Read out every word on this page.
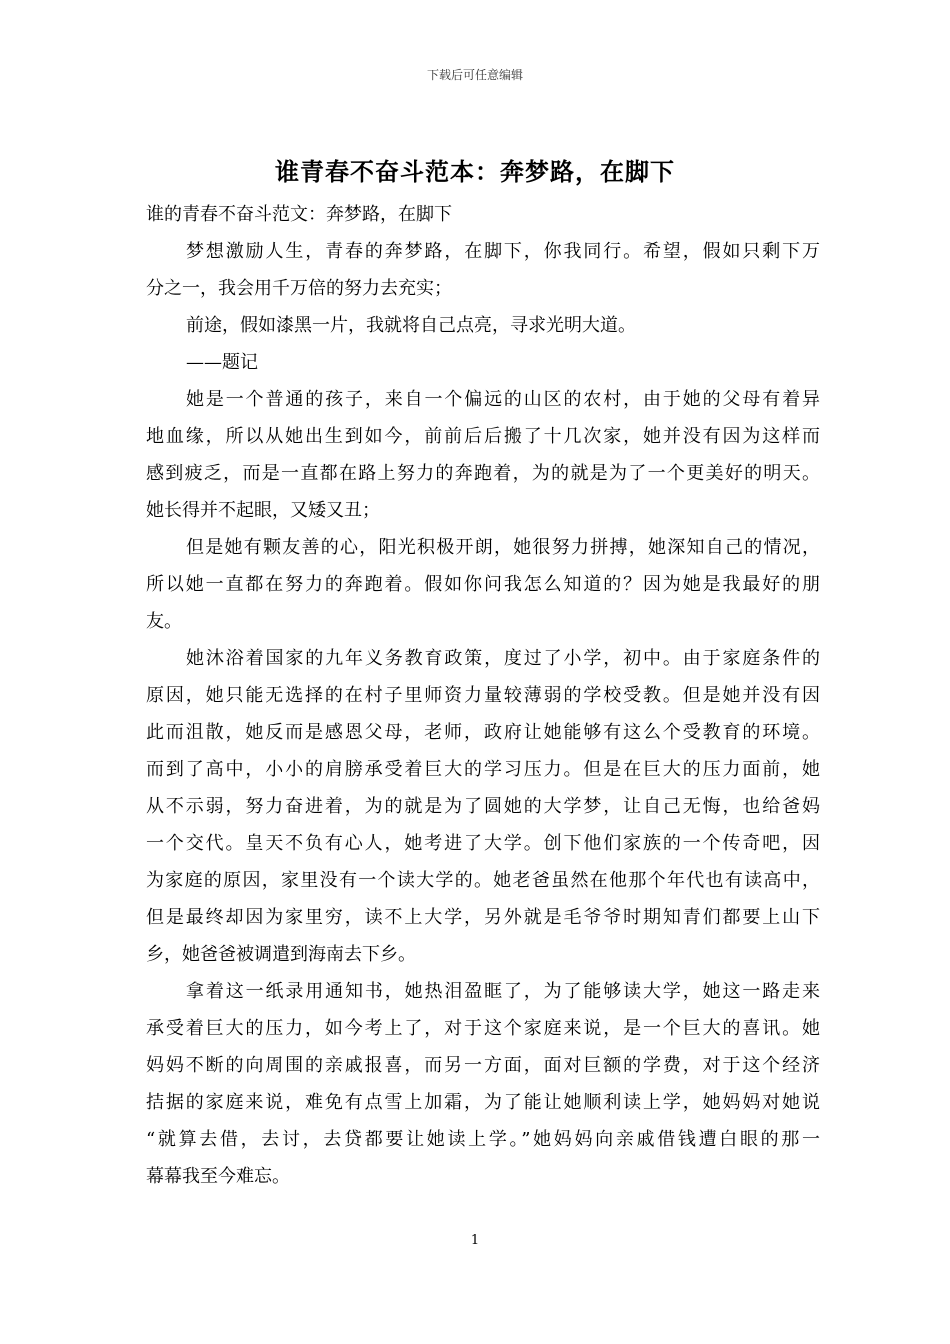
下载后可任意编辑
谁青春不奋斗范本：奔梦路，在脚下
谁的青春不奋斗范文：奔梦路，在脚下
梦想激励人生，青春的奔梦路，在脚下，你我同行。希望，假如只剩下万
分之一，我会用千万倍的努力去充实；
前途，假如漆黑一片，我就将自己点亮，寻求光明大道。
——题记
她是一个普通的孩子，来自一个偏远的山区的农村，由于她的父母有着异
地血缘，所以从她出生到如今，前前后后搬了十几次家，她并没有因为这样而
感到疲乏，而是一直都在路上努力的奔跑着，为的就是为了一个更美好的明天。
她长得并不起眼，又矮又丑；
但是她有颗友善的心，阳光积极开朗，她很努力拼搏，她深知自己的情况，
所以她一直都在努力的奔跑着。假如你问我怎么知道的？因为她是我最好的朋
友。
她沐浴着国家的九年义务教育政策，度过了小学，初中。由于家庭条件的
原因，她只能无选择的在村子里师资力量较薄弱的学校受教。但是她并没有因
此而沮散，她反而是感恩父母，老师，政府让她能够有这么个受教育的环境。
而到了高中，小小的肩膀承受着巨大的学习压力。但是在巨大的压力面前，她
从不示弱，努力奋进着，为的就是为了圆她的大学梦，让自己无悔，也给爸妈
一个交代。皇天不负有心人，她考进了大学。创下他们家族的一个传奇吧，因
为家庭的原因，家里没有一个读大学的。她老爸虽然在他那个年代也有读高中，
但是最终却因为家里穷，读不上大学，另外就是毛爷爷时期知青们都要上山下
乡，她爸爸被调遣到海南去下乡。
拿着这一纸录用通知书，她热泪盈眶了，为了能够读大学，她这一路走来
承受着巨大的压力，如今考上了，对于这个家庭来说，是一个巨大的喜讯。她
妈妈不断的向周围的亲戚报喜，而另一方面，面对巨额的学费，对于这个经济
拮据的家庭来说，难免有点雪上加霜，为了能让她顺利读上学，她妈妈对她说
“就算去借，去讨，去贷都要让她读上学。”她妈妈向亲戚借钱遭白眼的那一
幕幕我至今难忘。
1
